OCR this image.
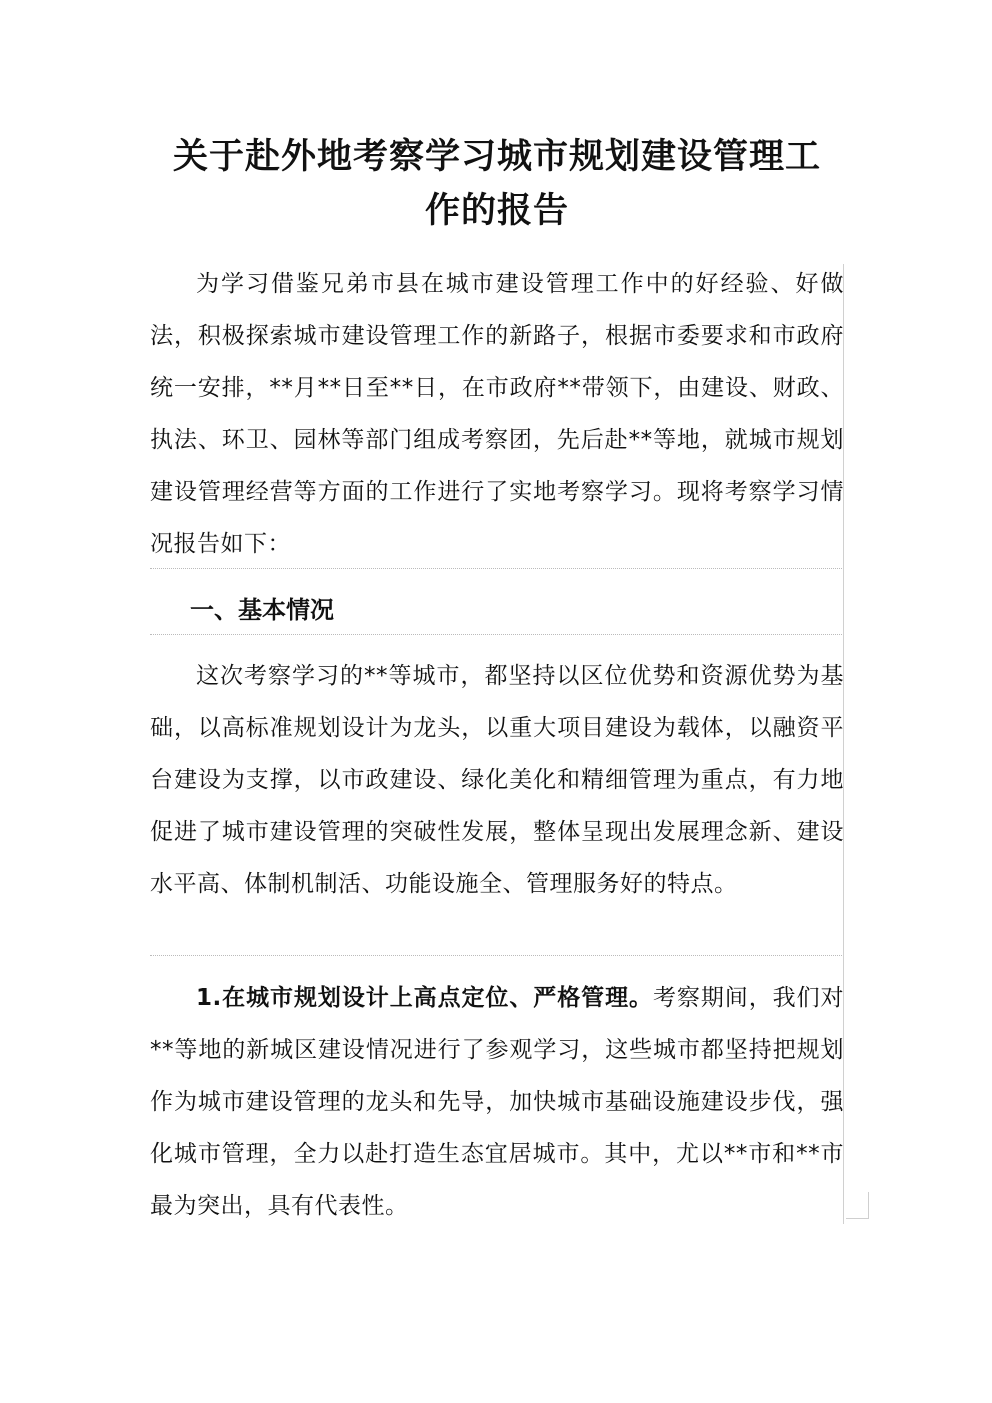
关于赴外地考察学习城市规划建设管理工
作的报告

为学习借鉴兄弟市县在城市建设管理工作中的好经验、好做法，积极探索城市建设管理工作的新路子，根据市委要求和市政府统一安排，**月**日至**日，在市政府**带领下，由建设、财政、执法、环卫、园林等部门组成考察团，先后赴**等地，就城市规划建设管理经营等方面的工作进行了实地考察学习。现将考察学习情况报告如下：

一、基本情况

这次考察学习的**等城市，都坚持以区位优势和资源优势为基础，以高标准规划设计为龙头，以重大项目建设为载体，以融资平台建设为支撑，以市政建设、绿化美化和精细管理为重点，有力地促进了城市建设管理的突破性发展，整体呈现出发展理念新、建设水平高、体制机制活、功能设施全、管理服务好的特点。

1.在城市规划设计上高点定位、严格管理。考察期间，我们对**等地的新城区建设情况进行了参观学习，这些城市都坚持把规划作为城市建设管理的龙头和先导，加快城市基础设施建设步伐，强化城市管理，全力以赴打造生态宜居城市。其中，尤以**市和**市最为突出，具有代表性。
